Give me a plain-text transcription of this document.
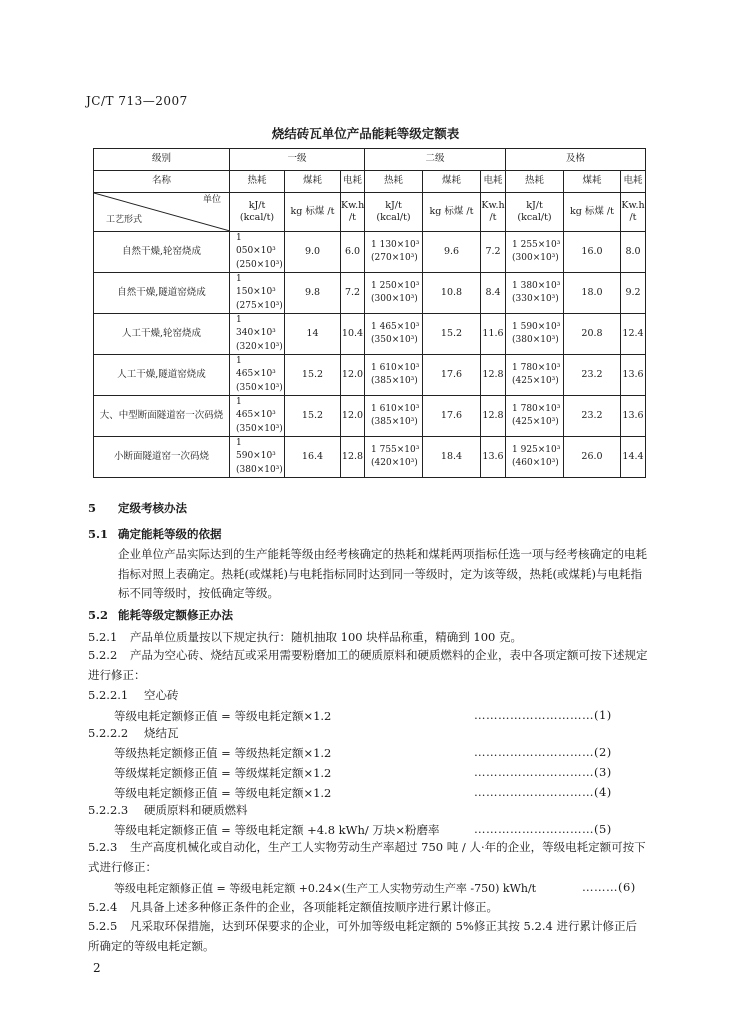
JC/T 713—2007
烧结砖瓦单位产品能耗等级定额表
级别	一级			二级			及格		
名称	热耗	煤耗	电耗	热耗	煤耗	电耗	热耗	煤耗	电耗

单位
工艺形式	kJ/t
(kcal/t)	kg 标煤 /t	Kw.h
/t	kJ/t
(kcal/t)	kg 标煤 /t	Kw.h
/t	kJ/t
(kcal/t)	kg 标煤 /t	Kw.h
/t

自然干燥,轮窑烧成	1 050×10³
(250×10³)	9.0	6.0	1 130×10³
(270×10³)	9.6	7.2	1 255×10³
(300×10³)	16.0	8.0
自然干燥,隧道窑烧成	1 150×10³
(275×10³)	9.8	7.2	1 250×10³
(300×10³)	10.8	8.4	1 380×10³
(330×10³)	18.0	9.2
人工干燥,轮窑烧成	1 340×10³
(320×10³)	14	10.4	1 465×10³
(350×10³)	15.2	11.6	1 590×10³
(380×10³)	20.8	12.4
人工干燥,隧道窑烧成	1 465×10³
(350×10³)	15.2	12.0	1 610×10³
(385×10³)	17.6	12.8	1 780×10³
(425×10³)	23.2	13.6
大、中型断面隧道窑一次码烧	1 465×10³
(350×10³)	15.2	12.0	1 610×10³
(385×10³)	17.6	12.8	1 780×10³
(425×10³)	23.2	13.6
小断面隧道窑一次码烧	1 590×10³
(380×10³)	16.4	12.8	1 755×10³
(420×10³)	18.4	13.6	1 925×10³
(460×10³)	26.0	14.4
5 定级考核办法
5.1 确定能耗等级的依据
企业单位产品实际达到的生产能耗等级由经考核确定的热耗和煤耗两项指标任选一项与经考核确定的电耗指标对照上表确定。热耗(或煤耗)与电耗指标同时达到同一等级时，定为该等级，热耗(或煤耗)与电耗指标不同等级时，按低确定等级。
5.2 能耗等级定额修正办法
5.2.1 产品单位质量按以下规定执行：随机抽取 100 块样品称重，精确到 100 克。
5.2.2 产品为空心砖、烧结瓦或采用需要粉磨加工的硬质原料和硬质燃料的企业，表中各项定额可按下述规定进行修正：
5.2.2.1 空心砖
等级电耗定额修正值 = 等级电耗定额×1.2	…………………………(1)
5.2.2.2 烧结瓦
等级热耗定额修正值 = 等级热耗定额×1.2	…………………………(2)
等级煤耗定额修正值 = 等级煤耗定额×1.2	…………………………(3)
等级电耗定额修正值 = 等级电耗定额×1.2	…………………………(4)
5.2.2.3 硬质原料和硬质燃料
等级电耗定额修正值 = 等级电耗定额 +4.8 kWh/ 万块×粉磨率	…………………………(5)
5.2.3 生产高度机械化或自动化，生产工人实物劳动生产率超过 750 吨 / 人·年的企业，等级电耗定额可按下式进行修正：
等级电耗定额修正值 = 等级电耗定额 +0.24×(生产工人实物劳动生产率 -750) kWh/t	………(6)
5.2.4 凡具备上述多种修正条件的企业，各项能耗定额值按顺序进行累计修正。
5.2.5 凡采取环保措施，达到环保要求的企业，可外加等级电耗定额的 5%修正其按 5.2.4 进行累计修正后所确定的等级电耗定额。
2
